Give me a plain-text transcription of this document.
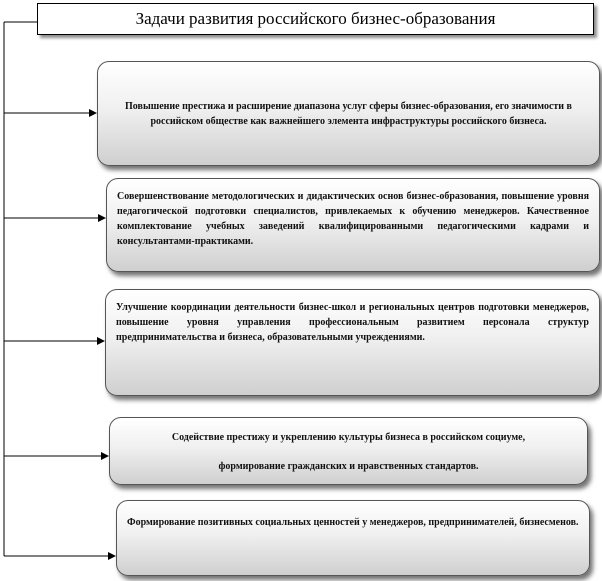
Задачи развития российского бизнес-образования
Повышение престижа и расширение диапазона услуг сферы бизнес-образования, его значимости в российском обществе как важнейшего элемента инфраструктуры российского бизнеса.
Совершенствование методологических и дидактических основ бизнес-образования, повышение уровня педагогической подготовки специалистов, привлекаемых к обучению менеджеров. Качественное комплектование учебных заведений квалифицированными педагогическими кадрами и консультантами-практиками.
Улучшение координации деятельности бизнес-школ и региональных центров подготовки менеджеров, повышение уровня управления профессиональным развитием персонала структур предпринимательства и бизнеса, образовательными учреждениями.

Содействие престижу и укреплению культуры бизнеса в российском социуме,

формирование гражданских и нравственных стандартов.

Формирование позитивных социальных ценностей у менеджеров, предпринимателей, бизнесменов.
